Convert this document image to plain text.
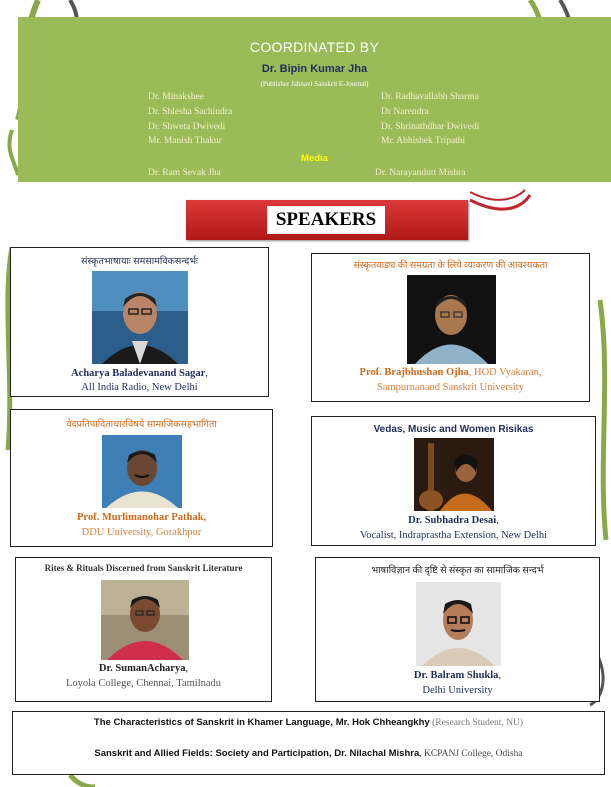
COORDINATED BY
Dr. Bipin Kumar Jha
(Publisher Jahnavi Sanskrit E-Journal)
Dr. Minakshee
Dr. Shlesha Sachindra
Dr. Shweta Dwivedi
Mr. Manish Thakur
Dr. Radhavallabh Sharma
Dr Narendra
Dr. Shrinathdhar Dwivedi
Mr. Abhishek Tripathi
Media
Dr. Ram Sevak Jha	Dr. Narayandutt Mishra
SPEAKERS
संस्कृतभाषायाः समसामविकसन्दर्भः
Acharya Baladevanand Sagar,
All India Radio, New Delhi
संस्कृतवाङ्य की समग्रता के लिये व्याकरण की आवश्यकता
Prof. Brajbhushan Ojha, HOD Vyakaran,
Sampurnanand Sanskrit University
वेदप्रतिपादिताचारविषये सामाजिकसहभागिता
Prof. Murlimanohar Pathak,
DDU University, Gorakhpur
Vedas, Music and Women Risikas
Dr. Subhadra Desai,
Vocalist, Indraprastha Extension, New Delhi
Rites & Rituals Discerned from Sanskrit Literature
Dr. SumanAcharya,
Loyola College, Chennai, Tamilnadu
भाषाविज्ञान की दृष्टि से संस्कृत का सामाजिक सन्दर्भ
Dr. Balram Shukla,
Delhi University
The Characteristics of Sanskrit in Khamer Language, Mr. Hok Chheangkhy (Research Student, NU)
Sanskrit and Allied Fields: Society and Participation, Dr. Nilachal Mishra, KCPANJ College, Odisha
